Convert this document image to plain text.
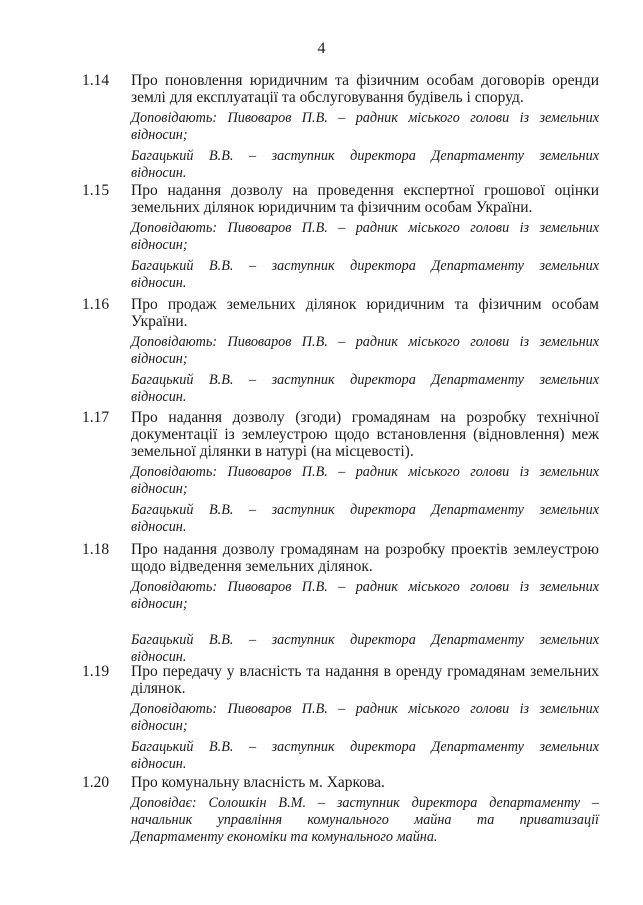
4
1.14 Про поновлення юридичним та фізичним особам договорів оренди
землі для експлуатації та обслуговування будівель і споруд.
Доповідають: Пивоваров П.В. – радник міського голови із земельних
відносин;
Багацький В.В. – заступник директора Департаменту земельних
відносин.
1.15 Про надання дозволу на проведення експертної грошової оцінки
земельних ділянок юридичним та фізичним особам України.
Доповідають: Пивоваров П.В. – радник міського голови із земельних
відносин;
Багацький В.В. – заступник директора Департаменту земельних
відносин.
1.16 Про продаж земельних ділянок юридичним та фізичним особам
України.
Доповідають: Пивоваров П.В. – радник міського голови із земельних
відносин;
Багацький В.В. – заступник директора Департаменту земельних
відносин.
1.17 Про надання дозволу (згоди) громадянам на розробку технічної
документації із землеустрою щодо встановлення (відновлення) меж
земельної ділянки в натурі (на місцевості).
Доповідають: Пивоваров П.В. – радник міського голови із земельних
відносин;
Багацький В.В. – заступник директора Департаменту земельних
відносин.
1.18 Про надання дозволу громадянам на розробку проектів землеустрою
щодо відведення земельних ділянок.
Доповідають: Пивоваров П.В. – радник міського голови із земельних
відносин;
Багацький В.В. – заступник директора Департаменту земельних
відносин.
1.19 Про передачу у власність та надання в оренду громадянам земельних
ділянок.
Доповідають: Пивоваров П.В. – радник міського голови із земельних
відносин;
Багацький В.В. – заступник директора Департаменту земельних
відносин.
1.20 Про комунальну власність м. Харкова.
Доповідає: Солошкін В.М. – заступник директора департаменту –
начальник управління комунального майна та приватизації
Департаменту економіки та комунального майна.
